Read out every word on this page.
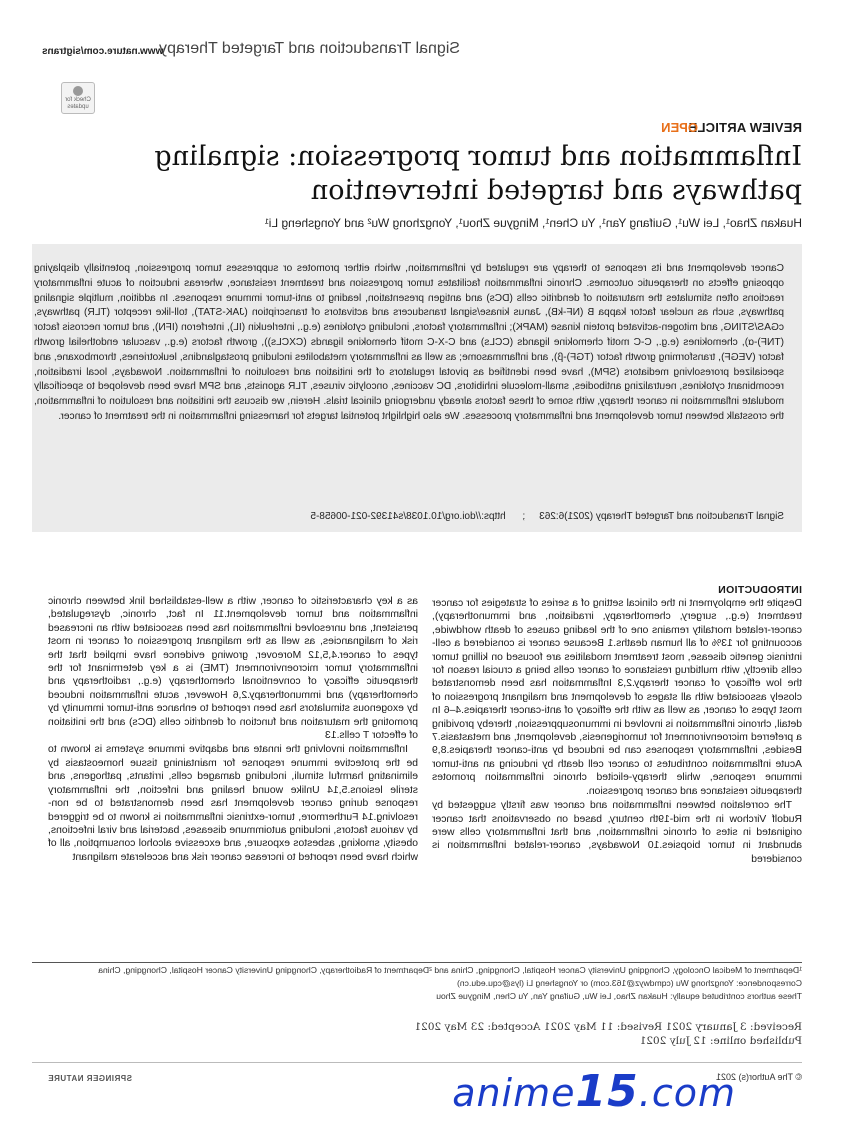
Signal Transduction and Targeted Therapy
www.nature.com/sigtrans
Check for updates
REVIEW ARTICLE
OPEN
Inflammation and tumor progression: signaling pathways and targeted intervention
Huakan Zhao¹, Lei Wu¹, Guifang Yan¹, Yu Chen¹, Mingyue Zhou¹, Yongzhong Wu² and Yongsheng Li¹
Cancer development and its response to therapy are regulated by inflammation, which either promotes or suppresses tumor progression, potentially displaying opposing effects on therapeutic outcomes. Chronic inflammation facilitates tumor progression and treatment resistance, whereas induction of acute inflammatory reactions often stimulates the maturation of dendritic cells (DCs) and antigen presentation, leading to anti-tumor immune responses. In addition, multiple signaling pathways, such as nuclear factor kappa B (NF-kB), Janus kinase/signal transducers and activators of transcription (JAK-STAT), toll-like receptor (TLR) pathways, cGAS/STING, and mitogen-activated protein kinase (MAPK); inflammatory factors, including cytokines (e.g., interleukin (IL), interferon (IFN), and tumor necrosis factor (TNF)-α), chemokines (e.g., C-C motif chemokine ligands (CCLs) and C-X-C motif chemokine ligands (CXCLs)), growth factors (e.g., vascular endothelial growth factor (VEGF), transforming growth factor (TGF)-β), and inflammasome; as well as inflammatory metabolites including prostaglandins, leukotrienes, thromboxane, and specialized proresolving mediators (SPM), have been identified as pivotal regulators of the initiation and resolution of inflammation. Nowadays, local irradiation, recombinant cytokines, neutralizing antibodies, small-molecule inhibitors, DC vaccines, oncolytic viruses, TLR agonists, and SPM have been developed to specifically modulate inflammation in cancer therapy, with some of these factors already undergoing clinical trials. Herein, we discuss the initiation and resolution of inflammation, the crosstalk between tumor development and inflammatory processes. We also highlight potential targets for harnessing inflammation in the treatment of cancer.
Signal Transduction and Targeted Therapy (2021)6:263; https://doi.org/10.1038/s41392-021-00658-5
INTRODUCTION

Despite the employment in the clinical setting of a series of strategies for cancer treatment (e.g., surgery, chemotherapy, irradiation, and immunotherapy), cancer-related mortality remains one of the leading causes of death worldwide, accounting for 13% of all human deaths.1 Because cancer is considered a cell-intrinsic genetic disease, most treatment modalities are focused on killing tumor cells directly, with multidrug resistance of cancer cells being a crucial reason for the low efficacy of cancer therapy.2,3 Inflammation has been demonstrated closely associated with all stages of development and malignant progression of most types of cancer, as well as with the efficacy of anti-cancer therapies.4–6 In detail, chronic inflammation is involved in immunosuppression, thereby providing a preferred microenvironment for tumorigenesis, development, and metastasis.7 Besides, inflammatory responses can be induced by anti-cancer therapies.8,9 Acute inflammation contributes to cancer cell death by inducing an anti-tumor immune response, while therapy-elicited chronic inflammation promotes therapeutic resistance and cancer progression.

The correlation between inflammation and cancer was firstly suggested by Rudolf Virchow in the mid-19th century, based on observations that cancer originated in sites of chronic inflammation, and that inflammatory cells were abundant in tumor biopsies.10 Nowadays, cancer-related inflammation is considered

as a key characteristic of cancer, with a well-established link between chronic inflammation and tumor development.11 In fact, chronic, dysregulated, persistent, and unresolved inflammation has been associated with an increased risk of malignancies, as well as the malignant progression of cancer in most types of cancer.4,5,12 Moreover, growing evidence have implied that the inflammatory tumor microenvironment (TME) is a key determinant for the therapeutic efficacy of conventional chemotherapy (e.g., radiotherapy and chemotherapy) and immunotherapy.2,6 However, acute inflammation induced by exogenous stimulators has been reported to enhance anti-tumor immunity by promoting the maturation and function of dendritic cells (DCs) and the initiation of effector T cells.13

Inflammation involving the innate and adaptive immune systems is known to be the protective immune response for maintaining tissue homeostasis by eliminating harmful stimuli, including damaged cells, irritants, pathogens, and sterile lesions.5,14 Unlike wound healing and infection, the inflammatory response during cancer development has been demonstrated to be non-resolving.14 Furthermore, tumor-extrinsic inflammation is known to be triggered by various factors, including autoimmune diseases, bacterial and viral infections, obesity, smoking, asbestos exposure, and excessive alcohol consumption, all of which have been reported to increase cancer risk and accelerate malignant

¹Department of Medical Oncology, Chongqing University Cancer Hospital, Chongqing, China and ²Department of Radiotherapy, Chongqing University Cancer Hospital, Chongqing, China
Correspondence: Yongzhong Wu (cqmdwyz@163.com) or Yongsheng Li (lys@cqu.edu.cn)
These authors contributed equally: Huakan Zhao, Lei Wu, Guifang Yan, Yu Chen, Mingyue Zhou
Received: 3 January 2021 Revised: 11 May 2021 Accepted: 23 May 2021
Published online: 12 July 2021
© The Author(s) 2021
SPRINGER NATURE	anime15.com
